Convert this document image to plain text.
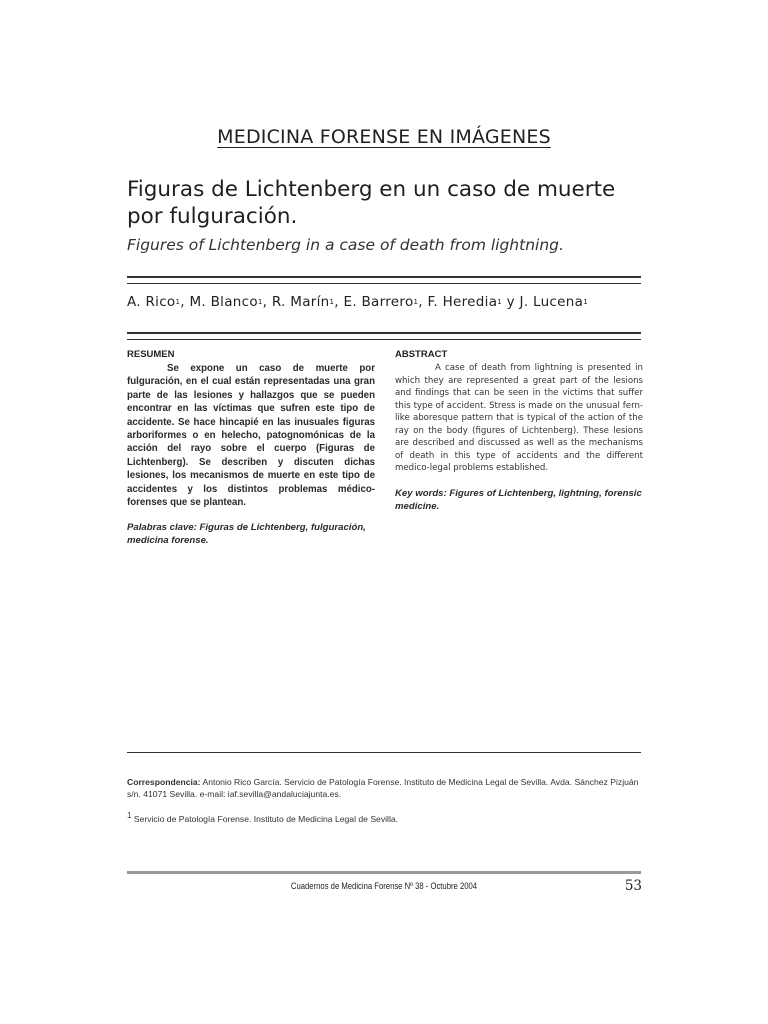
MEDICINA FORENSE EN IMÁGENES
Figuras de Lichtenberg en un caso de muerte
por fulguración.
Figures of Lichtenberg in a case of death from lightning.
A. Rico$^1$, M. Blanco$^1$, R. Marín$^1$, E. Barrero$^1$, F. Heredia$^1$ y J. Lucena$^1$
RESUMEN

Se expone un caso de muerte por fulguración, en el cual están representadas una gran parte de las lesiones y hallazgos que se pueden encontrar en las víctimas que sufren este tipo de accidente. Se hace hincapié en las inusuales figuras arboriformes o en helecho, patognomónicas de la acción del rayo sobre el cuerpo (Figuras de Lichtenberg). Se describen y discuten dichas lesiones, los mecanismos de muerte en este tipo de accidentes y los distintos problemas médico-forenses que se plantean.

Palabras clave: Figuras de Lichtenberg, fulguración, medicina forense.
ABSTRACT

A case of death from lightning is presented in which they are represented a great part of the lesions and findings that can be seen in the victims that suffer this type of accident. Stress is made on the unusual fern-like aboresque pattern that is typical of the action of the ray on the body (figures of Lichtenberg). These lesions are described and discussed as well as the mechanisms of death in this type of accidents and the different medico-legal problems established.

Key words: Figures of Lichtenberg, lightning, forensic medicine.
Correspondencia: Antonio Rico García. Servicio de Patología Forense. Instituto de Medicina Legal de Sevilla. Avda. Sánchez Pizjuán s/n. 41071 Sevilla. e-mail: iaf.sevilla@andaluciajunta.es.
$^1$ Servicio de Patología Forense. Instituto de Medicina Legal de Sevilla.
Cuadernos de Medicina Forense Nº 38 - Octubre 2004	53
